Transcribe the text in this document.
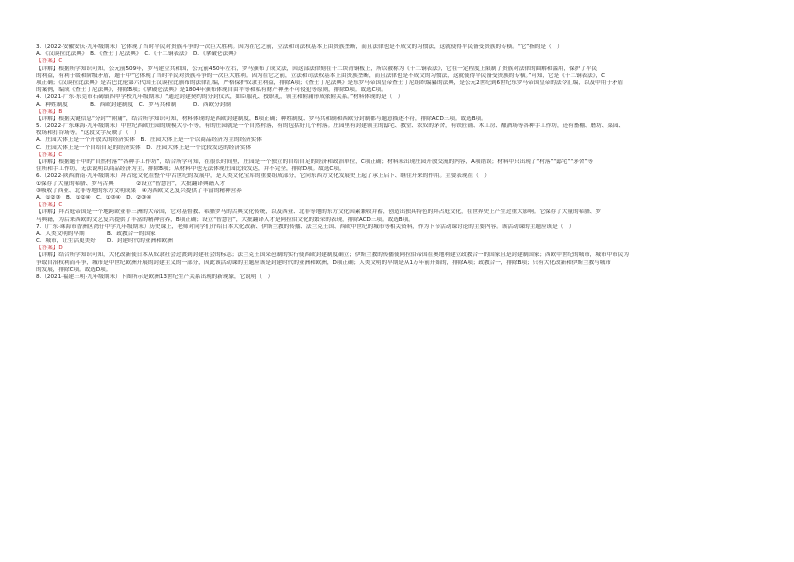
3.（2022·安徽安庆·九年级期末）它体现了当时平民对贵族斗争的一次巨大胜利。因为在它之前，立法和司法权基本上由贵族垄断，而且法律也是不成文的习惯法，这就使得平民备受贵族的专横。“它”指的是（　）

A．《汉谟拉比法典》　B．《查士丁尼法典》　C．《十二铜表法》　D．《拿破仑法典》

【答案】C

【详解】根据所学知识可知，公元前509年，罗马建立共和国，公元前450年左右，罗马颁布了成文法，因这部法律刻在十二块青铜板上，所以被称为《十二铜表法》，它在一定程度上限制了贵族对法律的曲解和滥用，保护了平民

的利益，有利于缓和阶级矛盾，题干中“它体现了当时平民对贵族斗争的一次巨大胜利。因为在它之前，立法和司法权基本上由贵族垄断，而且法律也是不成文的习惯法，这就使得平民备受贵族的专横。”可知，它是《十二铜表法》，C

项正确；《汉谟拉比法典》是古巴比伦第六代国王汉谟拉比颁布的法律汇编，严格保护奴隶主利益，排除A项；《查士丁尼法典》是东罗马帝国皇帝查士丁尼组织编纂的法典，是公元2世纪到6世纪东罗马帝国皇帝的法令汇编，以及中用于矛盾

的案例，编成《查士丁尼法典》，排除B项；《拿破仑法典》是1804年颁布体现自由平等和私有财产神圣不可侵犯等原则，排除D项。故选C项。

4.（2021·广东·东莞市石碣镇四甲学校九年级期末）“通过封建契约的分封仪式，如臣服礼、授职礼，领主和附庸形成依附关系。”材料体现的是（　）

A．种姓制度　　　　B．西欧封建制度　C．罗马共和制　　　D．西欧分封制

【答案】B

【详解】根据关键信息“分封”“附庸”，结合所学知识可知，材料体现的是西欧封建制度，B项正确；种姓制度、罗马共和制和西欧分封制都与题意描述不符，排除ACD三项。故选B项。

5.（2022·广东珠海·九年级期末）中世纪西欧庄园的规模大小不等，有的庄园就是一个自然村落，有的包括好几个村落。庄园里有封建领主的邸宅、教堂、农奴的茅舍，有铁匠铺、木工房、酿酒场等各种手工作坊，还有畜棚、磨坊、菜园、

牧场和打谷场等。“这段文字反映了（　）

A．庄园大体上是一个开放式的经济实体　B．庄园大体上是一个以商品经济为主的经济实体

C．庄园大体上是一个自给自足的经济实体　D．庄园大体上是一个比较发达的经济实体

【答案】C

【详解】根据题干中的“自然村落”“各种手工作坊”，结合所学可知，在很长时间里，庄园是一个独立的自给自足的经济和政治单位，C项正确；材料未出现庄园开放交流的内容，A项错误；材料中只出现了“村落”“邸宅”“茅舍”等

住所和手工作坊，无法说明以商品经济为主，排除B项；从材料中也无法体现庄园比较发达，并不完全，排除D项。故选C项。

6.（2022·陕西渭南·九年级期末）拜占庭文化在整个中古世纪的发展中，是人类文化宝库的重要组成部分，它向东西方文化发展史上起了承上启下、继往开来的作用。主要表现在（　）

①保存了大量的希腊、罗马古典　　　　②设立“智慧宫”，大批翻译典籍人才

③吸收了西亚、北非等地的东方文明成果　④为西欧文艺复兴提供了丰富的精神营养

A．①②③　B．①②④　C．①③④　D．②③④

【答案】C

【详解】拜占庭帝国是一个地跨欧亚非三洲的大帝国，它对基督教、希腊罗马的古典文化传统，以及西亚、北非等地的东方文化因素兼收并蓄，创造出独具特色的拜占庭文化，在世界史上产生过重大影响。它保存了大量的希腊、罗

马典籍，为后来西欧的文艺复兴提供了丰富的精神营养，B项正确；设立“智慧宫”，大批翻译人才是阿拉伯文化的繁荣的表现，排除ACD三项。故选B项。

7.（广东·珠海市香洲区湾仔中学九年级期末）历史课上，老师对同学们介绍日本大化改新、伊斯兰教的传播、法兰克王国、西欧中世纪的城市等相关资料，作为下节活动课讨论的主要内容。该活动课的主题应该是（　）

A．人类文明的早期　　　　B．政教合一的国家

C．城市，让生活更美好　　D．封建时代的亚洲和欧洲

【答案】D

【详解】结合所学知识可知，大化改新使日本从奴隶社会过渡到封建社会的标志；法兰克王国采邑制的实行使西欧封建制度确立；伊斯兰教的传播使阿拉伯帝国在奥地利建立政教合一的国家且是封建制国家；西欧中世纪的城市，城市中市民为

争取自治权利而斗争，城市是中世纪欧洲开展的封建主义的一部分，因此该活动课的主题应该是封建时代的亚洲和欧洲，D项正确；人类文明的早期是从1万年前开始的，排除A项；政教合一，排除B项；只有大化改新和伊斯兰教与城市

的发展，排除C项。故选D项。

8.（2021·福建三明·九年级期末）下图所示是欧洲13世纪生产关系出现的新现象，它说明（　）
